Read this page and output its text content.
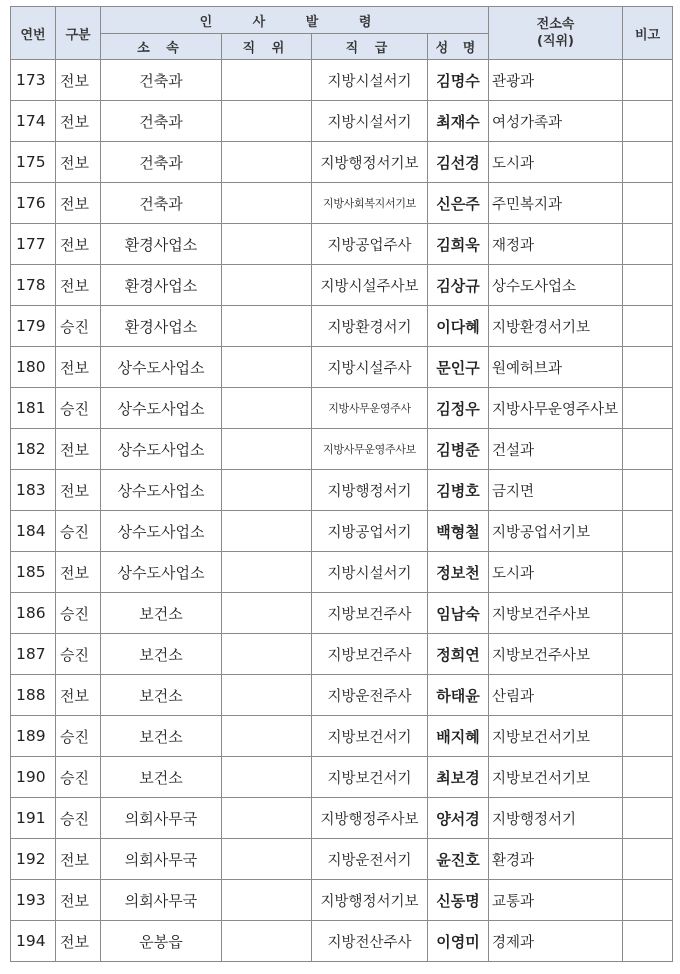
연번	구분	인 사 발 령				전소속
(직위)	비고
		소 속	직 위	직 급	성 명		
173	전보	건축과		지방시설서기	김명수	관광과	
174	전보	건축과		지방시설서기	최재수	여성가족과	
175	전보	건축과		지방행정서기보	김선경	도시과	
176	전보	건축과		지방사회복지서기보	신은주	주민복지과	
177	전보	환경사업소		지방공업주사	김희욱	재정과	
178	전보	환경사업소		지방시설주사보	김상규	상수도사업소	
179	승진	환경사업소		지방환경서기	이다혜	지방환경서기보	
180	전보	상수도사업소		지방시설주사	문인구	원예허브과	
181	승진	상수도사업소		지방사무운영주사	김정우	지방사무운영주사보	
182	전보	상수도사업소		지방사무운영주사보	김병준	건설과	
183	전보	상수도사업소		지방행정서기	김병호	금지면	
184	승진	상수도사업소		지방공업서기	백형철	지방공업서기보	
185	전보	상수도사업소		지방시설서기	정보천	도시과	
186	승진	보건소		지방보건주사	임남숙	지방보건주사보	
187	승진	보건소		지방보건주사	정희연	지방보건주사보	
188	전보	보건소		지방운전주사	하태윤	산림과	
189	승진	보건소		지방보건서기	배지혜	지방보건서기보	
190	승진	보건소		지방보건서기	최보경	지방보건서기보	
191	승진	의회사무국		지방행정주사보	양서경	지방행정서기	
192	전보	의회사무국		지방운전서기	윤진호	환경과	
193	전보	의회사무국		지방행정서기보	신동명	교통과	
194	전보	운봉읍		지방전산주사	이영미	경제과	
